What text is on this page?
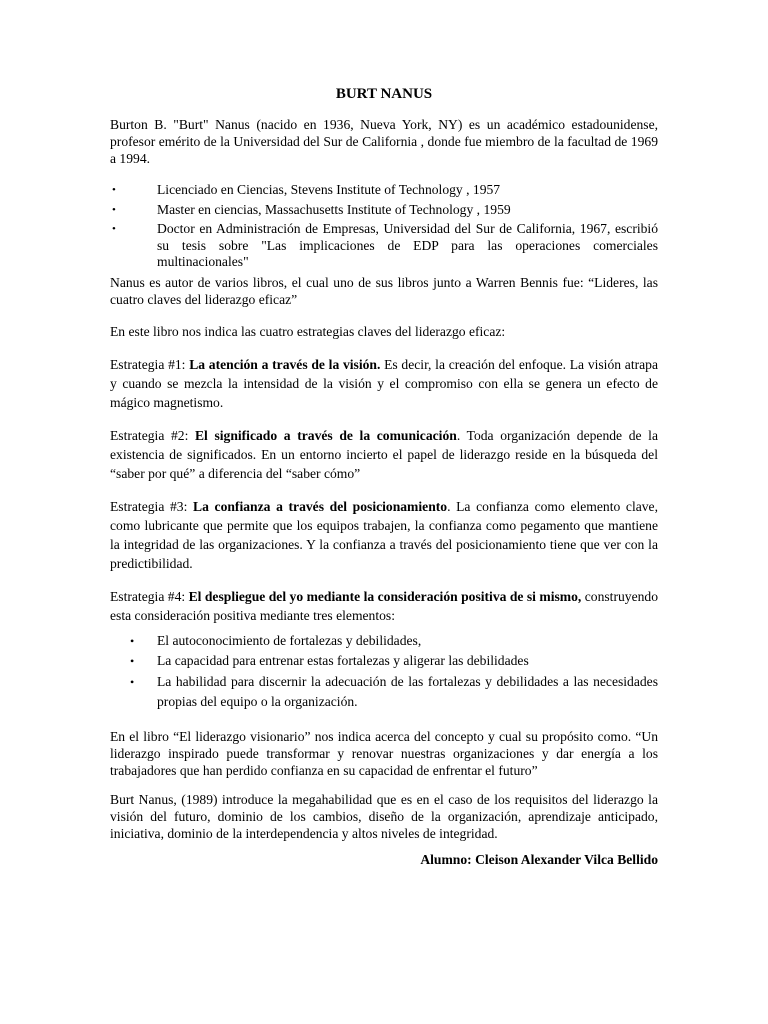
BURT NANUS

Burton B. "Burt" Nanus (nacido en 1936, Nueva York, NY) es un académico estadounidense, profesor emérito de la Universidad del Sur de California , donde fue miembro de la facultad de 1969 a 1994.

•	Licenciado en Ciencias, Stevens Institute of Technology , 1957
•	Master en ciencias, Massachusetts Institute of Technology , 1959
•	Doctor en Administración de Empresas, Universidad del Sur de California, 1967, escribió su tesis sobre "Las implicaciones de EDP para las operaciones comerciales multinacionales"

Nanus es autor de varios libros, el cual uno de sus libros junto a Warren Bennis fue: “Lideres, las cuatro claves del liderazgo eficaz”

En este libro nos indica las cuatro estrategias claves del liderazgo eficaz:

Estrategia #1: La atención a través de la visión. Es decir, la creación del enfoque. La visión atrapa y cuando se mezcla la intensidad de la visión y el compromiso con ella se genera un efecto de mágico magnetismo.

Estrategia #2: El significado a través de la comunicación. Toda organización depende de la existencia de significados. En un entorno incierto el papel de liderazgo reside en la búsqueda del “saber por qué” a diferencia del “saber cómo”

Estrategia #3: La confianza a través del posicionamiento. La confianza como elemento clave, como lubricante que permite que los equipos trabajen, la confianza como pegamento que mantiene la integridad de las organizaciones. Y la confianza a través del posicionamiento tiene que ver con la predictibilidad.

Estrategia #4: El despliegue del yo mediante la consideración positiva de si mismo, construyendo esta consideración positiva mediante tres elementos:

• El autoconocimiento de fortalezas y debilidades,
• La capacidad para entrenar estas fortalezas y aligerar las debilidades
• La habilidad para discernir la adecuación de las fortalezas y debilidades a las necesidades propias del equipo o la organización.

En el libro “El liderazgo visionario” nos indica acerca del concepto y cual su propósito como. “Un liderazgo inspirado puede transformar y renovar nuestras organizaciones y dar energía a los trabajadores que han perdido confianza en su capacidad de enfrentar el futuro”

Burt Nanus, (1989) introduce la megahabilidad que es en el caso de los requisitos del liderazgo la visión del futuro, dominio de los cambios, diseño de la organización, aprendizaje anticipado, iniciativa, dominio de la interdependencia y altos niveles de integridad.

Alumno: Cleison Alexander Vilca Bellido
